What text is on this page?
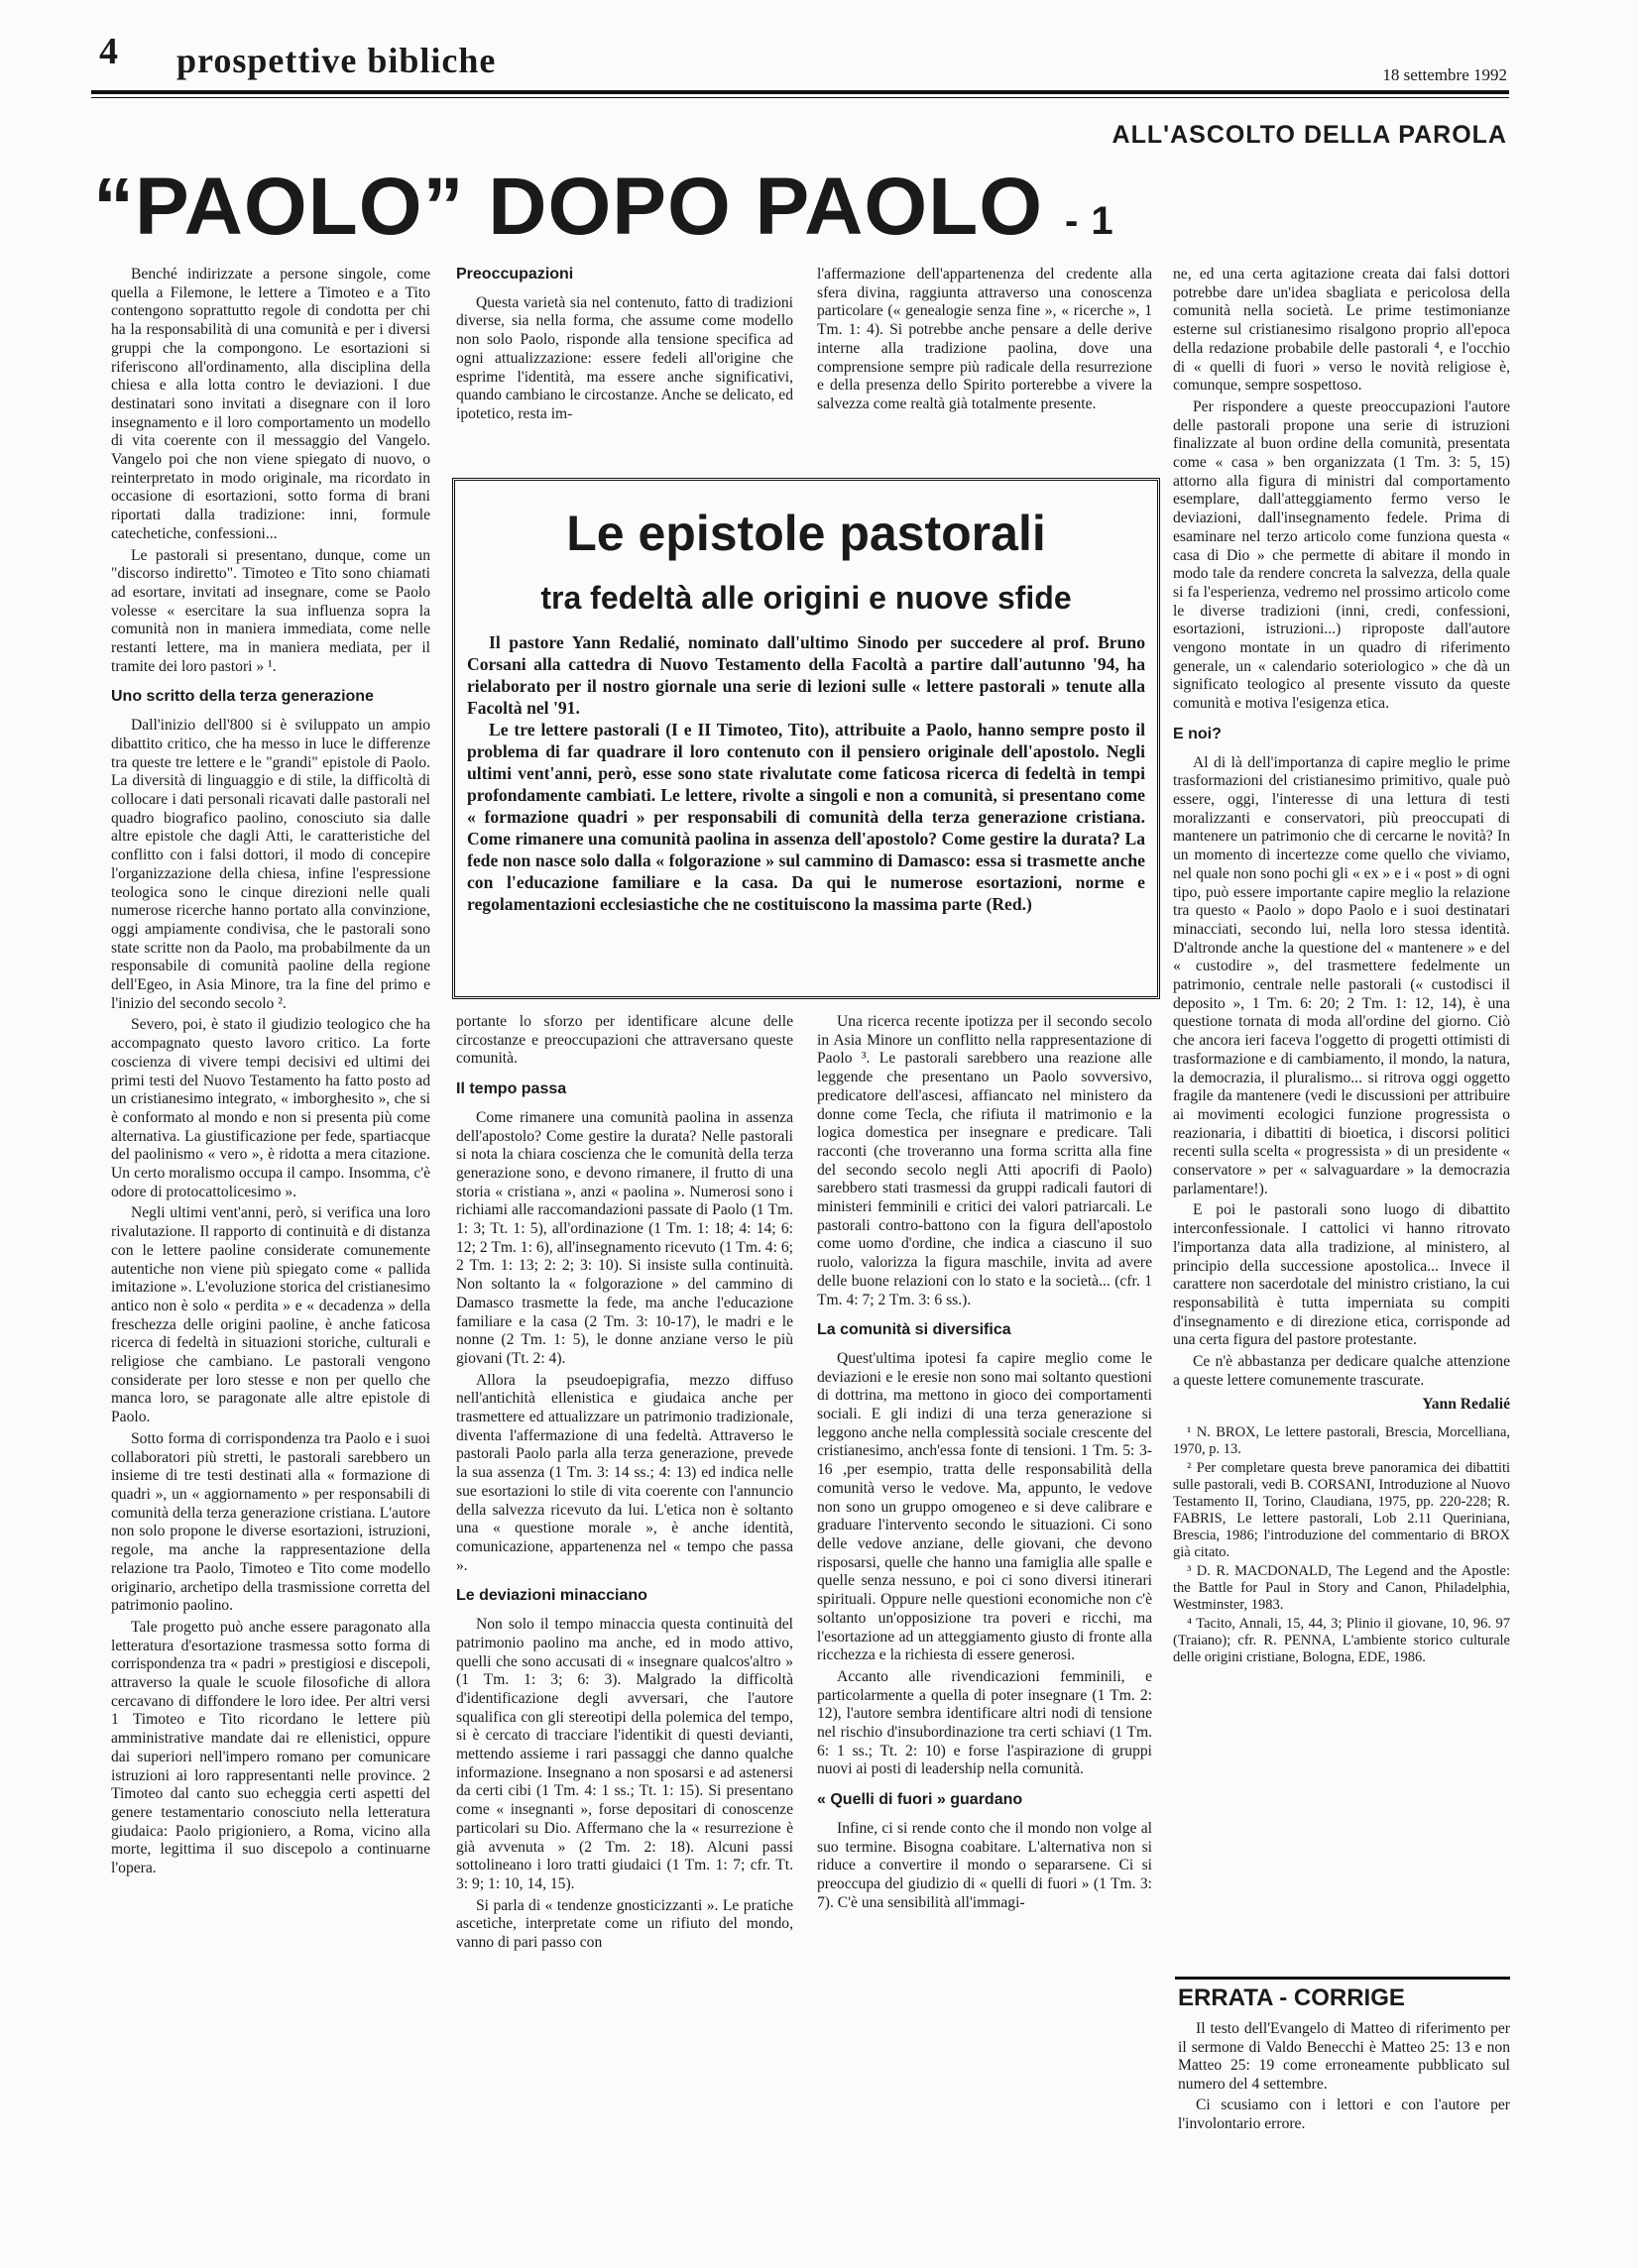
4 prospettive bibliche	18 settembre 1992
ALL'ASCOLTO DELLA PAROLA
“PAOLO” DOPO PAOLO - 1

Benché indirizzate a persone singole, come quella a Filemone, le lettere a Timoteo e a Tito contengono soprattutto regole di condotta per chi ha la responsabilità di una comunità e per i diversi gruppi che la compongono. Le esortazioni si riferiscono all'ordinamento, alla disciplina della chiesa e alla lotta contro le deviazioni. I due destinatari sono invitati a disegnare con il loro insegnamento e il loro comportamento un modello di vita coerente con il messaggio del Vangelo. Vangelo poi che non viene spiegato di nuovo, o reinterpretato in modo originale, ma ricordato in occasione di esortazioni, sotto forma di brani riportati dalla tradizione: inni, formule catechetiche, confessioni...

Le pastorali si presentano, dunque, come un "discorso indiretto". Timoteo e Tito sono chiamati ad esortare, invitati ad insegnare, come se Paolo volesse « esercitare la sua influenza sopra la comunità non in maniera immediata, come nelle restanti lettere, ma in maniera mediata, per il tramite dei loro pastori » ¹.

Uno scritto della terza generazione

Dall'inizio dell'800 si è sviluppato un ampio dibattito critico, che ha messo in luce le differenze tra queste tre lettere e le "grandi" epistole di Paolo. La diversità di linguaggio e di stile, la difficoltà di collocare i dati personali ricavati dalle pastorali nel quadro biografico paolino, conosciuto sia dalle altre epistole che dagli Atti, le caratteristiche del conflitto con i falsi dottori, il modo di concepire l'organizzazione della chiesa, infine l'espressione teologica sono le cinque direzioni nelle quali numerose ricerche hanno portato alla convinzione, oggi ampiamente condivisa, che le pastorali sono state scritte non da Paolo, ma probabilmente da un responsabile di comunità paoline della regione dell'Egeo, in Asia Minore, tra la fine del primo e l'inizio del secondo secolo ².

Severo, poi, è stato il giudizio teologico che ha accompagnato questo lavoro critico. La forte coscienza di vivere tempi decisivi ed ultimi dei primi testi del Nuovo Testamento ha fatto posto ad un cristianesimo integrato, « imborghesito », che si è conformato al mondo e non si presenta più come alternativa. La giustificazione per fede, spartiacque del paolinismo « vero », è ridotta a mera citazione. Un certo moralismo occupa il campo. Insomma, c'è odore di protocattolicesimo ».

Negli ultimi vent'anni, però, si verifica una loro rivalutazione. Il rapporto di continuità e di distanza con le lettere paoline considerate comunemente autentiche non viene più spiegato come « pallida imitazione ». L'evoluzione storica del cristianesimo antico non è solo « perdita » e « decadenza » della freschezza delle origini paoline, è anche faticosa ricerca di fedeltà in situazioni storiche, culturali e religiose che cambiano. Le pastorali vengono considerate per loro stesse e non per quello che manca loro, se paragonate alle altre epistole di Paolo.

Sotto forma di corrispondenza tra Paolo e i suoi collaboratori più stretti, le pastorali sarebbero un insieme di tre testi destinati alla « formazione di quadri », un « aggiornamento » per responsabili di comunità della terza generazione cristiana. L'autore non solo propone le diverse esortazioni, istruzioni, regole, ma anche la rappresentazione della relazione tra Paolo, Timoteo e Tito come modello originario, archetipo della trasmissione corretta del patrimonio paolino.

Tale progetto può anche essere paragonato alla letteratura d'esortazione trasmessa sotto forma di corrispondenza tra « padri » prestigiosi e discepoli, attraverso la quale le scuole filosofiche di allora cercavano di diffondere le loro idee. Per altri versi 1 Timoteo e Tito ricordano le lettere più amministrative mandate dai re ellenistici, oppure dai superiori nell'impero romano per comunicare istruzioni ai loro rappresentanti nelle province. 2 Timoteo dal canto suo echeggia certi aspetti del genere testamentario conosciuto nella letteratura giudaica: Paolo prigioniero, a Roma, vicino alla morte, legittima il suo discepolo a continuarne l'opera.

Preoccupazioni

Questa varietà sia nel contenuto, fatto di tradizioni diverse, sia nella forma, che assume come modello non solo Paolo, risponde alla tensione specifica ad ogni attualizzazione: essere fedeli all'origine che esprime l'identità, ma essere anche significativi, quando cambiano le circostanze. Anche se delicato, ed ipotetico, resta im-

l'affermazione dell'appartenenza del credente alla sfera divina, raggiunta attraverso una conoscenza particolare (« genealogie senza fine », « ricerche », 1 Tm. 1: 4). Si potrebbe anche pensare a delle derive interne alla tradizione paolina, dove una comprensione sempre più radicale della resurrezione e della presenza dello Spirito porterebbe a vivere la salvezza come realtà già totalmente presente.

Le epistole pastorali
tra fedeltà alle origini e nuove sfide

Il pastore Yann Redalié, nominato dall'ultimo Sinodo per succedere al prof. Bruno Corsani alla cattedra di Nuovo Testamento della Facoltà a partire dall'autunno '94, ha rielaborato per il nostro giornale una serie di lezioni sulle « lettere pastorali » tenute alla Facoltà nel '91.

Le tre lettere pastorali (I e II Timoteo, Tito), attribuite a Paolo, hanno sempre posto il problema di far quadrare il loro contenuto con il pensiero originale dell'apostolo. Negli ultimi vent'anni, però, esse sono state rivalutate come faticosa ricerca di fedeltà in tempi profondamente cambiati. Le lettere, rivolte a singoli e non a comunità, si presentano come « formazione quadri » per responsabili di comunità della terza generazione cristiana. Come rimanere una comunità paolina in assenza dell'apostolo? Come gestire la durata? La fede non nasce solo dalla « folgorazione » sul cammino di Damasco: essa si trasmette anche con l'educazione familiare e la casa. Da qui le numerose esortazioni, norme e regolamentazioni ecclesiastiche che ne costituiscono la massima parte (Red.)

portante lo sforzo per identificare alcune delle circostanze e preoccupazioni che attraversano queste comunità.

Il tempo passa

Come rimanere una comunità paolina in assenza dell'apostolo? Come gestire la durata? Nelle pastorali si nota la chiara coscienza che le comunità della terza generazione sono, e devono rimanere, il frutto di una storia « cristiana », anzi « paolina ». Numerosi sono i richiami alle raccomandazioni passate di Paolo (1 Tm. 1: 3; Tt. 1: 5), all'ordinazione (1 Tm. 1: 18; 4: 14; 6: 12; 2 Tm. 1: 6), all'insegnamento ricevuto (1 Tm. 4: 6; 2 Tm. 1: 13; 2: 2; 3: 10). Si insiste sulla continuità. Non soltanto la « folgorazione » del cammino di Damasco trasmette la fede, ma anche l'educazione familiare e la casa (2 Tm. 3: 10-17), le madri e le nonne (2 Tm. 1: 5), le donne anziane verso le più giovani (Tt. 2: 4).

Allora la pseudoepigrafia, mezzo diffuso nell'antichità ellenistica e giudaica anche per trasmettere ed attualizzare un patrimonio tradizionale, diventa l'affermazione di una fedeltà. Attraverso le pastorali Paolo parla alla terza generazione, prevede la sua assenza (1 Tm. 3: 14 ss.; 4: 13) ed indica nelle sue esortazioni lo stile di vita coerente con l'annuncio della salvezza ricevuto da lui. L'etica non è soltanto una « questione morale », è anche identità, comunicazione, appartenenza nel « tempo che passa ».

Le deviazioni minacciano

Non solo il tempo minaccia questa continuità del patrimonio paolino ma anche, ed in modo attivo, quelli che sono accusati di « insegnare qualcos'altro » (1 Tm. 1: 3; 6: 3). Malgrado la difficoltà d'identificazione degli avversari, che l'autore squalifica con gli stereotipi della polemica del tempo, si è cercato di tracciare l'identikit di questi devianti, mettendo assieme i rari passaggi che danno qualche informazione. Insegnano a non sposarsi e ad astenersi da certi cibi (1 Tm. 4: 1 ss.; Tt. 1: 15). Si presentano come « insegnanti », forse depositari di conoscenze particolari su Dio. Affermano che la « resurrezione è già avvenuta » (2 Tm. 2: 18). Alcuni passi sottolineano i loro tratti giudaici (1 Tm. 1: 7; cfr. Tt. 3: 9; 1: 10, 14, 15).

Si parla di « tendenze gnosticizzanti ». Le pratiche ascetiche, interpretate come un rifiuto del mondo, vanno di pari passo con

Una ricerca recente ipotizza per il secondo secolo in Asia Minore un conflitto nella rappresentazione di Paolo ³. Le pastorali sarebbero una reazione alle leggende che presentano un Paolo sovversivo, predicatore dell'ascesi, affiancato nel ministero da donne come Tecla, che rifiuta il matrimonio e la logica domestica per insegnare e predicare. Tali racconti (che troveranno una forma scritta alla fine del secondo secolo negli Atti apocrifi di Paolo) sarebbero stati trasmessi da gruppi radicali fautori di ministeri femminili e critici dei valori patriarcali. Le pastorali contro-battono con la figura dell'apostolo come uomo d'ordine, che indica a ciascuno il suo ruolo, valorizza la figura maschile, invita ad avere delle buone relazioni con lo stato e la società... (cfr. 1 Tm. 4: 7; 2 Tm. 3: 6 ss.).

La comunità si diversifica

Quest'ultima ipotesi fa capire meglio come le deviazioni e le eresie non sono mai soltanto questioni di dottrina, ma mettono in gioco dei comportamenti sociali. E gli indizi di una terza generazione si leggono anche nella complessità sociale crescente del cristianesimo, anch'essa fonte di tensioni. 1 Tm. 5: 3-16 ,per esempio, tratta delle responsabilità della comunità verso le vedove. Ma, appunto, le vedove non sono un gruppo omogeneo e si deve calibrare e graduare l'intervento secondo le situazioni. Ci sono delle vedove anziane, delle giovani, che devono risposarsi, quelle che hanno una famiglia alle spalle e quelle senza nessuno, e poi ci sono diversi itinerari spirituali. Oppure nelle questioni economiche non c'è soltanto un'opposizione tra poveri e ricchi, ma l'esortazione ad un atteggiamento giusto di fronte alla ricchezza e la richiesta di essere generosi.

Accanto alle rivendicazioni femminili, e particolarmente a quella di poter insegnare (1 Tm. 2: 12), l'autore sembra identificare altri nodi di tensione nel rischio d'insubordinazione tra certi schiavi (1 Tm. 6: 1 ss.; Tt. 2: 10) e forse l'aspirazione di gruppi nuovi ai posti di leadership nella comunità.

« Quelli di fuori » guardano

Infine, ci si rende conto che il mondo non volge al suo termine. Bisogna coabitare. L'alternativa non si riduce a convertire il mondo o separarsene. Ci si preoccupa del giudizio di « quelli di fuori » (1 Tm. 3: 7). C'è una sensibilità all'immagi-

ne, ed una certa agitazione creata dai falsi dottori potrebbe dare un'idea sbagliata e pericolosa della comunità nella società. Le prime testimonianze esterne sul cristianesimo risalgono proprio all'epoca della redazione probabile delle pastorali ⁴, e l'occhio di « quelli di fuori » verso le novità religiose è, comunque, sempre sospettoso.

Per rispondere a queste preoccupazioni l'autore delle pastorali propone una serie di istruzioni finalizzate al buon ordine della comunità, presentata come « casa » ben organizzata (1 Tm. 3: 5, 15) attorno alla figura di ministri dal comportamento esemplare, dall'atteggiamento fermo verso le deviazioni, dall'insegnamento fedele. Prima di esaminare nel terzo articolo come funziona questa « casa di Dio » che permette di abitare il mondo in modo tale da rendere concreta la salvezza, della quale si fa l'esperienza, vedremo nel prossimo articolo come le diverse tradizioni (inni, credi, confessioni, esortazioni, istruzioni...) riproposte dall'autore vengono montate in un quadro di riferimento generale, un « calendario soteriologico » che dà un significato teologico al presente vissuto da queste comunità e motiva l'esigenza etica.

E noi?

Al di là dell'importanza di capire meglio le prime trasformazioni del cristianesimo primitivo, quale può essere, oggi, l'interesse di una lettura di testi moralizzanti e conservatori, più preoccupati di mantenere un patrimonio che di cercarne le novità? In un momento di incertezze come quello che viviamo, nel quale non sono pochi gli « ex » e i « post » di ogni tipo, può essere importante capire meglio la relazione tra questo « Paolo » dopo Paolo e i suoi destinatari minacciati, secondo lui, nella loro stessa identità. D'altronde anche la questione del « mantenere » e del « custodire », del trasmettere fedelmente un patrimonio, centrale nelle pastorali (« custodisci il deposito », 1 Tm. 6: 20; 2 Tm. 1: 12, 14), è una questione tornata di moda all'ordine del giorno. Ciò che ancora ieri faceva l'oggetto di progetti ottimisti di trasformazione e di cambiamento, il mondo, la natura, la democrazia, il pluralismo... si ritrova oggi oggetto fragile da mantenere (vedi le discussioni per attribuire ai movimenti ecologici funzione progressista o reazionaria, i dibattiti di bioetica, i discorsi politici recenti sulla scelta « progressista » di un presidente « conservatore » per « salvaguardare » la democrazia parlamentare!).

E poi le pastorali sono luogo di dibattito interconfessionale. I cattolici vi hanno ritrovato l'importanza data alla tradizione, al ministero, al principio della successione apostolica... Invece il carattere non sacerdotale del ministro cristiano, la cui responsabilità è tutta imperniata su compiti d'insegnamento e di direzione etica, corrisponde ad una certa figura del pastore protestante.

Ce n'è abbastanza per dedicare qualche attenzione a queste lettere comunemente trascurate.

Yann Redalié

¹ N. BROX, Le lettere pastorali, Brescia, Morcelliana, 1970, p. 13.

² Per completare questa breve panoramica dei dibattiti sulle pastorali, vedi B. CORSANI, Introduzione al Nuovo Testamento II, Torino, Claudiana, 1975, pp. 220-228; R. FABRIS, Le lettere pastorali, Lob 2.11 Queriniana, Brescia, 1986; l'introduzione del commentario di BROX già citato.

³ D. R. MACDONALD, The Legend and the Apostle: the Battle for Paul in Story and Canon, Philadelphia, Westminster, 1983.

⁴ Tacito, Annali, 15, 44, 3; Plinio il giovane, 10, 96. 97 (Traiano); cfr. R. PENNA, L'ambiente storico culturale delle origini cristiane, Bologna, EDE, 1986.

ERRATA - CORRIGE

Il testo dell'Evangelo di Matteo di riferimento per il sermone di Valdo Benecchi è Matteo 25: 13 e non Matteo 25: 19 come erroneamente pubblicato sul numero del 4 settembre.

Ci scusiamo con i lettori e con l'autore per l'involontario errore.
